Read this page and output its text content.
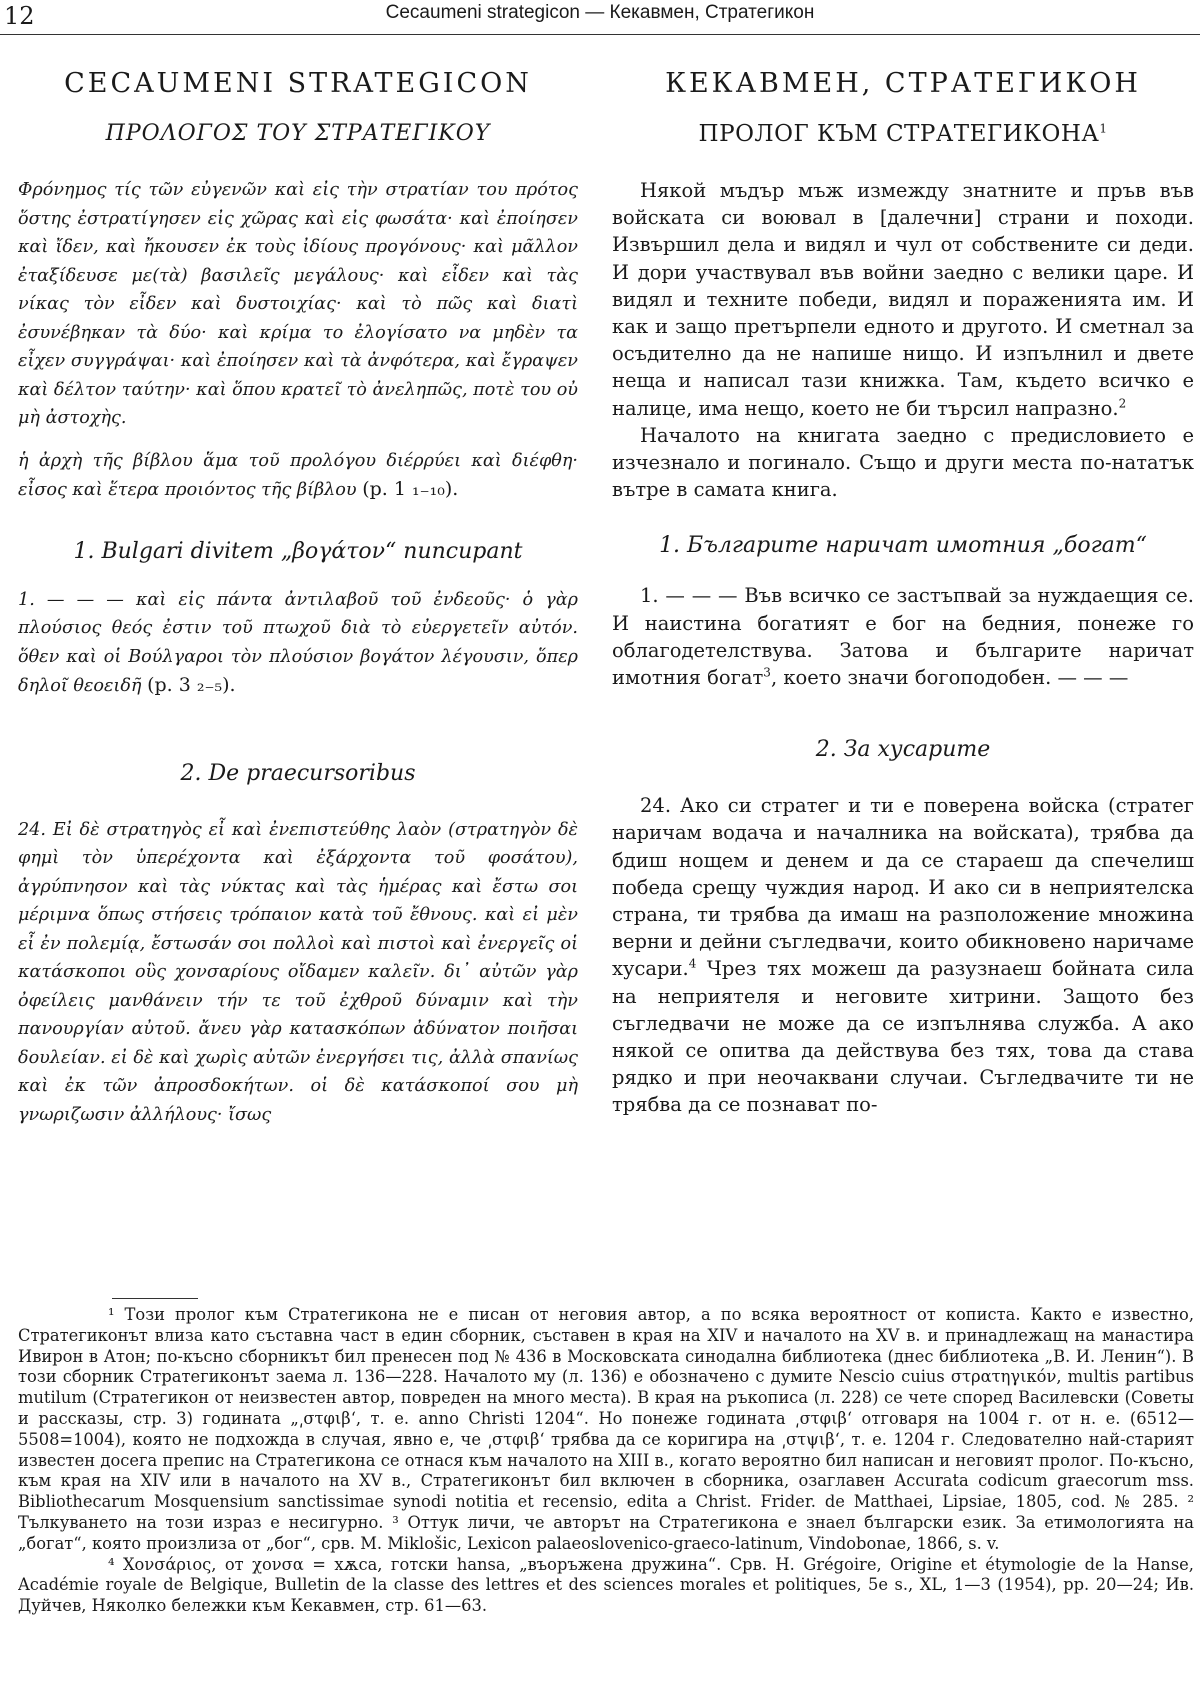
12	Cecaumeni strategicon — Кекавмен, Стратегикон
CECAUMENI STRATEGICON
ΠΡΟΛΟΓΟΣ ΤΟΥ ΣΤΡΑΤΕΓΙΚΟΥ

Φρόνημος τίς τῶν εὐγενῶν καὶ εἰς τὴν στρατίαν του πρότος ὅστης ἐστρατίγησεν εἰς χῶρας καὶ εἰς φωσάτα· καὶ ἐποίησεν καὶ ἴδεν, καὶ ἤκουσεν ἐκ τοὺς ἰδίους προγόνους· καὶ μᾶλλον ἐταξίδευσε με(τὰ) βασιλεῖς μεγάλους· καὶ εἶδεν καὶ τὰς νίκας τὸν εἶδεν καὶ δυστοιχίας· καὶ τὸ πῶς καὶ διατὶ ἐσυνέβηκαν τὰ δύο· καὶ κρίμα το ἐλογίσατο να μηδὲν τα εἶχεν συγγράψαι· καὶ ἐποίησεν καὶ τὰ ἀνφότερα, καὶ ἔγραψεν καὶ δέλτον ταύτην· καὶ ὅπου κρατεῖ τὸ ἀνεληπῶς, ποτὲ του οὐ μὴ ἀστοχὴς.

ἡ ἀρχὴ τῆς βίβλου ἅμα τοῦ προλόγου διέρρύει καὶ διέφθη· εἶσος καὶ ἕτερα προιόντος τῆς βίβλου (p. 1 ₁₋₁₀).

1. Bulgari divitem „βογάτον“ nuncupant

1. — — — καὶ εἰς πάντα ἀντιλαβοῦ τοῦ ἐνδεοῦς· ὁ γὰρ πλούσιος θεός ἐστιν τοῦ πτωχοῦ διὰ τὸ εὐεργετεῖν αὐτόν. ὅθεν καὶ οἱ Βούλγαροι τὸν πλούσιον βογάτον λέγουσιν, ὅπερ δηλοῖ θεοειδῆ (p. 3 ₂₋₅).

2. De praecursoribus

24. Εἰ δὲ στρατηγὸς εἶ καὶ ἐνεπιστεύθης λαὸν (στρατηγὸν δὲ φημὶ τὸν ὑπερέχοντα καὶ ἐξάρχοντα τοῦ φοσάτου), ἀγρύπνησον καὶ τὰς νύκτας καὶ τὰς ἡμέρας καὶ ἔστω σοι μέριμνα ὅπως στήσεις τρόπαιον κατὰ τοῦ ἔθνους. καὶ εἰ μὲν εἶ ἐν πολεμίᾳ, ἔστωσάν σοι πολλοὶ καὶ πιστοὶ καὶ ἐνεργεῖς οἱ κατάσκοποι οὓς χονσαρίους οἴδαμεν καλεῖν. δι᾽ αὐτῶν γὰρ ὀφείλεις μανθάνειν τήν τε τοῦ ἐχθροῦ δύναμιν καὶ τὴν πανουργίαν αὐτοῦ. ἄνευ γὰρ κατασκόπων ἀδύνατον ποιῆσαι δουλείαν. εἰ δὲ καὶ χωρὶς αὐτῶν ἐνεργήσει τις, ἀλλὰ σπανίως καὶ ἐκ τῶν ἀπροσδοκήτων. οἱ δὲ κατάσκοποί σου μὴ γνωριζωσιν ἀλλήλους· ἴσως

КЕКАВМЕН, СТРАТЕГИКОН
ПРОЛОГ КЪМ СТРАТЕГИКОНА$^1$

Някой мъдър мъж измежду знатните и пръв във войската си воювал в [далечни] страни и походи. Извършил дела и видял и чул от собствените си деди. И дори участвувал във войни заедно с велики царе. И видял и техните победи, видял и пораженията им. И как и защо претърпели едното и другото. И сметнал за осъдително да не напише нищо. И изпълнил и двете неща и написал тази книжка. Там, където всичко е налице, има нещо, което не би търсил напразно.$^2$

Началото на книгата заедно с предисловието е изчезнало и погинало. Също и други места по-нататък вътре в самата книга.

1. Българите наричат имотния „богат“

1. — — — Във всичко се застъпвай за нуждаещия се. И наистина богатият е бог на бедния, понеже го облагодетелствува. Затова и българите наричат имотния богат$^3$, което значи богоподобен. — — —

2. За хусарите

24. Ако си стратег и ти е поверена войска (стратег наричам водача и началника на войската), трябва да бдиш нощем и денем и да се стараеш да спечелиш победа срещу чуждия народ. И ако си в неприятелска страна, ти трябва да имаш на разположение множина верни и дейни съгледвачи, които обикновено наричаме хусари.$^4$ Чрез тях можеш да разузнаеш бойната сила на неприятеля и неговите хитрини. Защото без съгледвачи не може да се изпълнява служба. А ако някой се опитва да действува без тях, това да става рядко и при неочаквани случаи. Съгледвачите ти не трябва да се познават по-

¹ Този пролог към Стратегикона не е писан от неговия автор, а по всяка вероятност от кописта. Както е известно, Стратегиконът влиза като съставна част в един сборник, съставен в края на XIV и началото на XV в. и принадлежащ на манастира Ивирон в Атон; по-късно сборникът бил пренесен под № 436 в Московската синодална библиотека (днес библиотека „В. И. Ленин“). В този сборник Стратегиконът заема л. 136—228. Началото му (л. 136) е обозначено с думите Nescio cuius στρατηγικόν, multis partibus mutilum (Стратегикон от неизвестен автор, повреден на много места). В края на ръкописа (л. 228) се чете според Василевски (Советы и рассказы, стр. 3) годината „͵στφιβ‘, т. е. anno Christi 1204“. Но понеже годината ͵στφιβ‘ отговаря на 1004 г. от н. е. (6512—5508=1004), която не подхожда в случая, явно е, че ͵στφιβ‘ трябва да се коригира на ͵στψιβ‘, т. е. 1204 г. Следователно най-старият известен досега препис на Стратегикона се отнася към началото на XIII в., когато вероятно бил написан и неговият пролог. По-късно, към края на XIV или в началото на XV в., Стратегиконът бил включен в сборника, озаглавен Accurata codicum graecorum mss. Bibliothecarum Mosquensium sanctissimae synodi notitia et recensio, edita a Christ. Frider. de Matthaei, Lipsiae, 1805, cod. № 285. ² Тълкуването на този израз е несигурно. ³ Оттук личи, че авторът на Стратегикона е знаел български език. За етимологията на „богат“, която произлиза от „бог“, срв. M. Miklošic, Lexicon palaeoslovenico-graeco-latinum, Vindobonae, 1866, s. v.

⁴ Χονσάριος, от χονσα = хѫса, готски hansa, „въоръжена дружина“. Срв. H. Grégoire, Origine et étymologie de la Hanse, Académie royale de Belgique, Bulletin de la classe des lettres et des sciences morales et politiques, 5e s., XL, 1—3 (1954), pp. 20—24; Ив. Дуйчев, Няколко бележки към Кекавмен, стр. 61—63.
